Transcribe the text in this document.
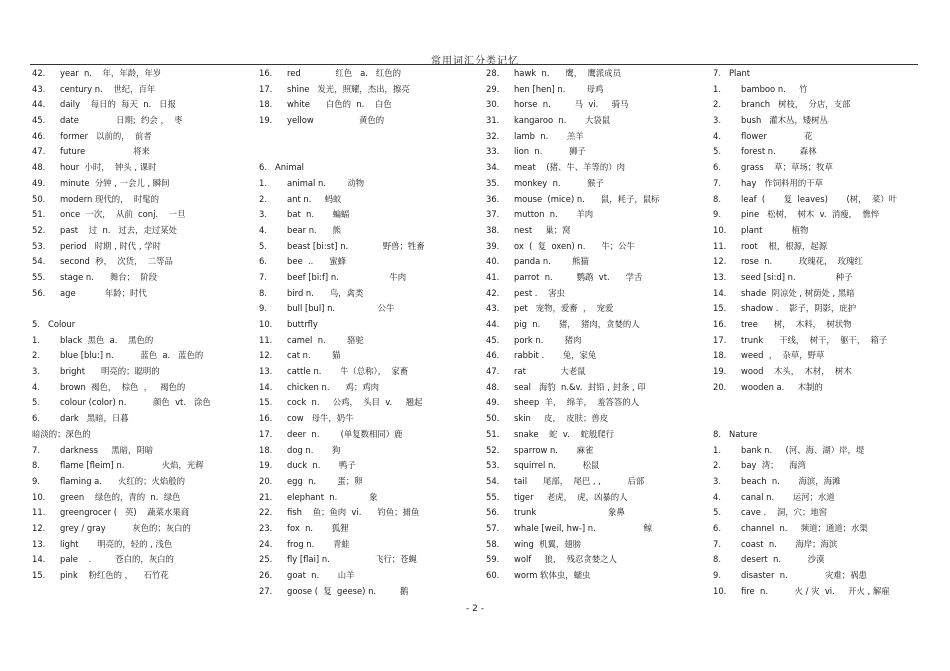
常用词汇分类记忆
42. year  n.    年，年龄，年岁
43. century n.    世纪，百年
44. daily    每日的  每天  n.   日报
45. date              日期;  约会 ，  枣
46. former   以前的，  前者
47. future                  将来
48. hour  小时，  钟头 , 课时
49. minute  分钟 , 一会儿 , 瞬间
50. modern 现代的，  时髦的
51. once  一次，  从前  conj.    一旦
52. past    过  n.   过去，走过某处
53. period   时期 , 时代 , 学时
54. second  秒，  次货，  二等品
55. stage n.      舞台；  阶段
56. age           年龄；时代
5.   Colour
1. black  黑色  a.    黑色的
2. blue [blu:] n.          蓝色  a.   蓝色的
3. bright      明亮的；聪明的
4. brown  褐色，  棕色  ，   褐色的
5. colour (color) n.          颜色  vt.   涂色
6. dark   黑暗，日暮
暗淡的；深色的
7. darkness     黑暗，阴暗
8. flame [fleim] n.              火焰，光辉
9. flaming a.      火红的；火焰般的
10. green    绿色的，青的  n.  绿色
11. greengrocer (   英)    蔬菜水果商
12. grey / gray          灰色的；灰白的
13. light       明亮的，轻的 , 浅色
14. pale    .         苍白的，灰白的
15. pink    粉红色的 ，    石竹花
16. red             红色   a.   红色的
17. shine   发光，照耀，杰出，擦亮
18. white      白色的  n.    白色
19. yellow                 黄色的
6.   Animal
1. animal n.        动物
2. ant n.     蚂蚁
3. bat  n.       蝙蝠
4. bear n.      熊
5. beast [bi:st] n.             野兽；牲畜
6. bee  ..      蜜蜂
7. beef [bi:f] n.                   牛肉
8. bird n.      鸟，禽类
9. bull [bul] n.                公牛
10. buttrfly
11. camel  n.        骆驼
12. cat n.        猫
13. cattle n.       牛（总称），  家畜
14. chicken n.      鸡；鸡肉
15. cock  n.     公鸡，  头目  v.     翘起
16. cow   母牛，奶牛
17. deer  n.        (单复数相同）鹿
18. dog n.       狗
19. duck  n.       鸭子
20. egg  n.        蛋；卵
21. elephant  n.            象
22. fish    鱼；鱼肉  vi.      钓鱼；捕鱼
23. fox  n.       狐狸
24. frog n.       青蛙
25. fly [flai] n.                 飞行；苍蝇
26. goat  n.       山羊
27. goose (  复  geese) n.         鹅
28. hawk  n.      鹰，  鹰派成员
29. hen [hen] n.        母鸡
30. horse  n.         马  vi.     骑马
31. kangaroo  n.       大袋鼠
32. lamb  n.       羔羊
33. lion  n.          狮子
34. meat    (猪、牛、羊等的）肉
35. monkey  n.          猴子
36. mouse  (mice) n.      鼠，耗子，鼠标
37. mutton  n.       羊肉
38. nest     巢；窝
39. ox  (  复  oxen) n.      牛；公牛
40. panda n.        熊猫
41. parrot  n.         鹦鹉  vt.      学舌
42. pest .    害虫
43. pet   宠物，爱畜  ，  宠爱
44. pig  n.       猪，  猪肉，贪婪的人
45. pork n.        猪肉
46. rabbit .       兔，家兔
47. rat             大老鼠
48. seal   海豹  n.&v.  封铅 , 封条 , 印
49. sheep  羊，  绵羊，  羞答答的人
50. skin     皮，  皮肤；兽皮
51. snake    蛇  v.    蛇般爬行
52. sparrow n.       麻雀
53. squirrel n.          松鼠
54. tail      尾部，  尾巴 , ,          后部
55. tiger     老虎，  虎，凶暴的人
56. trunk                           象鼻
57. whale [weil, hw-] n.                  鲸
58. wing  机翼，翅膀
59. wolf     狼，  残忍贪婪之人
60. worm 软体虫，蠕虫
7.   Plant
1. bamboo n.     竹
2. branch   树枝，  分店，支部
3. bush   灌木丛，矮树丛
4. flower              花
5. forest n.         森林
6. grass    草；草场；牧草
7. hay   作饲料用的干草
8. leaf  (       复  leaves)       (树，  菜）叶
9. pine   松树，  树木  v.  消瘦，  憔悴
10. plant           植物
11. root    根，根源，起源
12. rose  n.          玫瑰花，  玫瑰红
13. seed [si:d] n.               种子
14. shade  阴凉处 , 树荫处 , 黑暗
15. shadow .    影子，阴影，庇护
16. tree      树，  木料，  树状物
17. trunk      干线，  树干，  躯干，  箱子
18. weed  ，  杂草，野草
19. wood    木头，  木材，  树木
20. wooden a.     木制的
8.   Nature
1. bank n.     (河、海、湖）岸，堤
2. bay  湾；    海湾
3. beach  n.       海滨，海滩
4. canal n.       运河；水道
5. cave .    洞，穴；地窖
6. channel  n.     频道；通道；水渠
7. coast  n.       海岸；海滨
8. desert  n.          沙漠
9. disaster  n.              灾难；祸患
10. fire  n.          火 / 灾  vi.     开火 , 解雇
- 2 -
